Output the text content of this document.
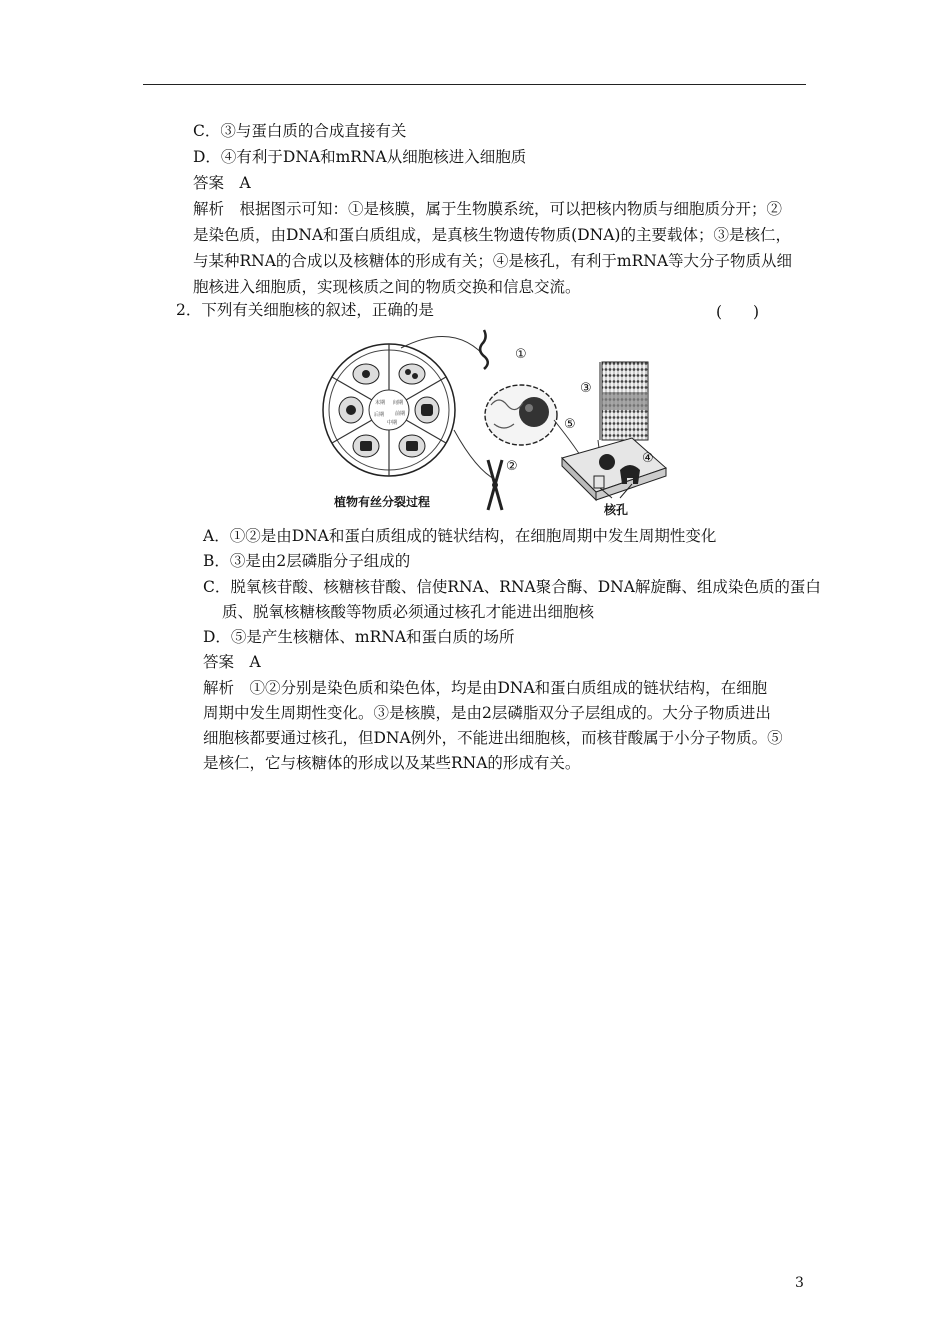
C．③与蛋白质的合成直接有关
D．④有利于DNA和mRNA从细胞核进入细胞质
答案　A
解析　根据图示可知：①是核膜，属于生物膜系统，可以把核内物质与细胞质分开；②
是染色质，由DNA和蛋白质组成，是真核生物遗传物质(DNA)的主要载体；③是核仁，
与某种RNA的合成以及核糖体的形成有关；④是核孔，有利于mRNA等大分子物质从细
胞核进入细胞质，实现核质之间的物质交换和信息交流。
2．下列有关细胞核的叙述，正确的是	(　　)
间期
前期
中期
后期
末期
①
②
③
④
⑤
植物有丝分裂过程
核孔
A．①②是由DNA和蛋白质组成的链状结构，在细胞周期中发生周期性变化
B．③是由2层磷脂分子组成的
C．脱氧核苷酸、核糖核苷酸、信使RNA、RNA聚合酶、DNA解旋酶、组成染色质的蛋白
质、脱氧核糖核酸等物质必须通过核孔才能进出细胞核
D．⑤是产生核糖体、mRNA和蛋白质的场所
答案　A
解析　①②分别是染色质和染色体，均是由DNA和蛋白质组成的链状结构，在细胞
周期中发生周期性变化。③是核膜，是由2层磷脂双分子层组成的。大分子物质进出
细胞核都要通过核孔，但DNA例外，不能进出细胞核，而核苷酸属于小分子物质。⑤
是核仁，它与核糖体的形成以及某些RNA的形成有关。
3
